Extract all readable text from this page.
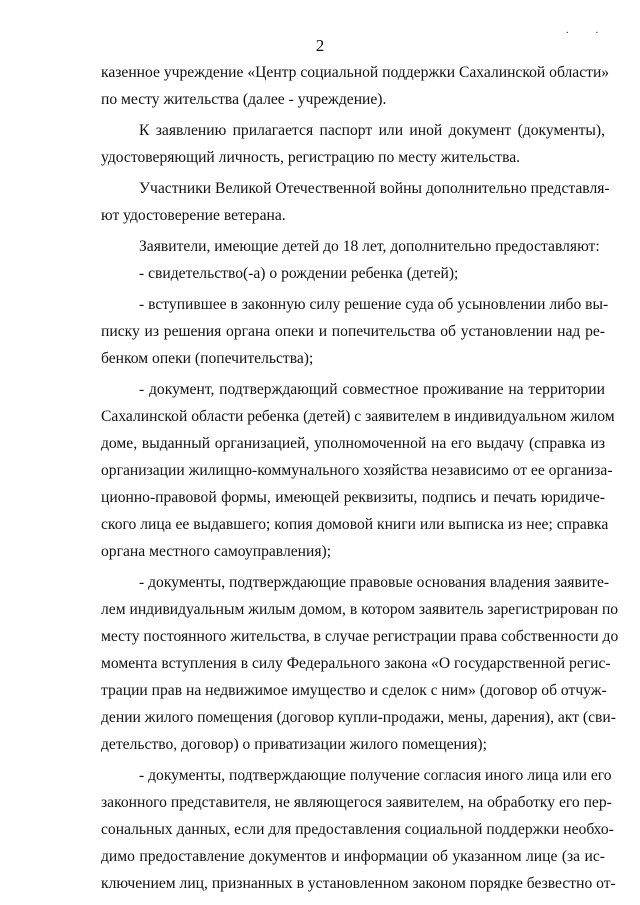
. .
2
казенное учреждение «Центр социальной поддержки Сахалинской области»
по месту жительства (далее - учреждение).
К заявлению прилагается паспорт или иной документ (документы),
удостоверяющий личность, регистрацию по месту жительства.
Участники Великой Отечественной войны дополнительно представля-
ют удостоверение ветерана.
Заявители, имеющие детей до 18 лет, дополнительно предоставляют:
- свидетельство(-а) о рождении ребенка (детей);
- вступившее в законную силу решение суда об усыновлении либо вы-
писку из решения органа опеки и попечительства об установлении над ре-
бенком опеки (попечительства);
- документ, подтверждающий совместное проживание на территории
Сахалинской области ребенка (детей) с заявителем в индивидуальном жилом
доме, выданный организацией, уполномоченной на его выдачу (справка из
организации жилищно-коммунального хозяйства независимо от ее организа-
ционно-правовой формы, имеющей реквизиты, подпись и печать юридиче-
ского лица ее выдавшего; копия домовой книги или выписка из нее; справка
органа местного самоуправления);
- документы, подтверждающие правовые основания владения заявите-
лем индивидуальным жилым домом, в котором заявитель зарегистрирован по
месту постоянного жительства, в случае регистрации права собственности до
момента вступления в силу Федерального закона «О государственной регис-
трации прав на недвижимое имущество и сделок с ним» (договор об отчуж-
дении жилого помещения (договор купли-продажи, мены, дарения), акт (сви-
детельство, договор) о приватизации жилого помещения);
- документы, подтверждающие получение согласия иного лица или его
законного представителя, не являющегося заявителем, на обработку его пер-
сональных данных, если для предоставления социальной поддержки необхо-
димо предоставление документов и информации об указанном лице (за ис-
ключением лиц, признанных в установленном законом порядке безвестно от-
